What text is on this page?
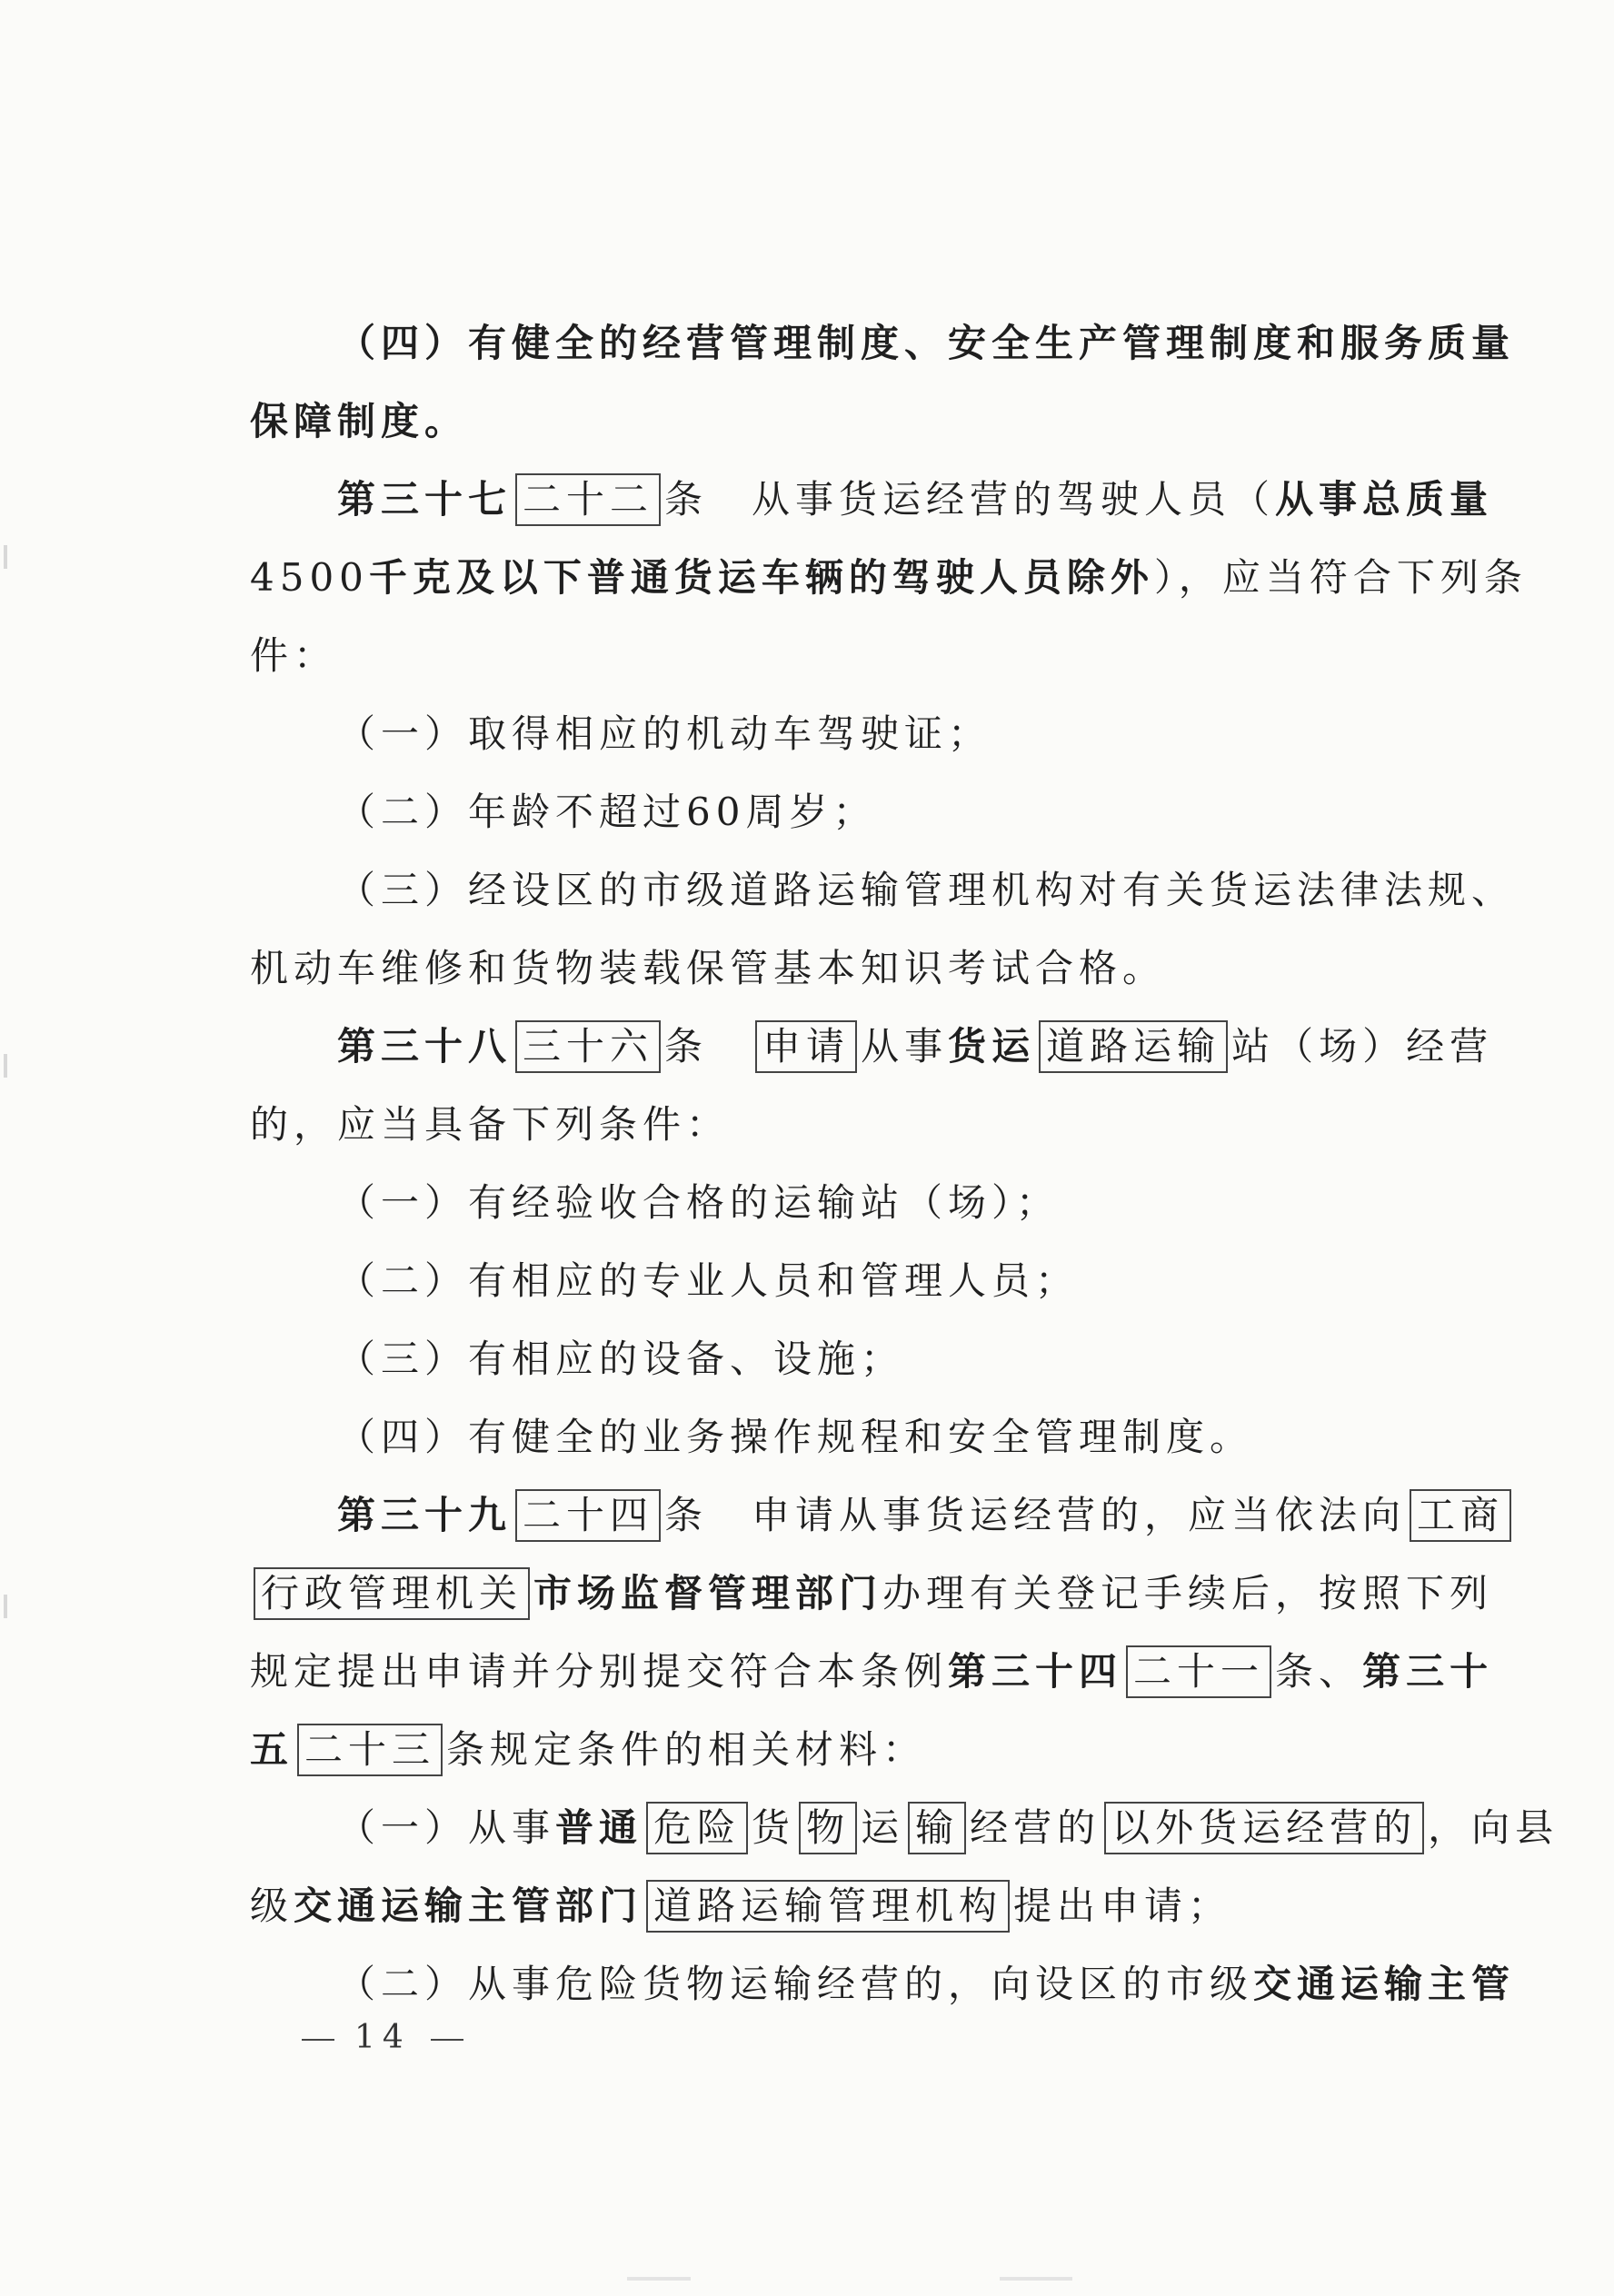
（四）有健全的经营管理制度、安全生产管理制度和服务质量
保障制度。
第三十七 二十二 条　从事货运经营的驾驶人员（从事总质量
4500千克及以下普通货运车辆的驾驶人员除外），应当符合下列条
件：
（一）取得相应的机动车驾驶证；
（二）年龄不超过60周岁；
（三）经设区的市级道路运输管理机构对有关货运法律法规、
机动车维修和货物装载保管基本知识考试合格。
第三十八 三十六 条　申请 从事货运 道路运输 站（场）经营
的，应当具备下列条件：
（一）有经验收合格的运输站（场）；
（二）有相应的专业人员和管理人员；
（三）有相应的设备、设施；
（四）有健全的业务操作规程和安全管理制度。
第三十九 二十四 条　申请从事货运经营的，应当依法向 工商
行政管理机关 市场监督管理部门办理有关登记手续后，按照下列
规定提出申请并分别提交符合本条例第三十四 二十一 条、第三十
五 二十三 条规定条件的相关材料：
（一）从事普通 危险 货 物 运 输 经营的 以外货运经营的 ，向县
级交通运输主管部门 道路运输管理机构 提出申请；
（二）从事危险货物运输经营的，向设区的市级交通运输主管
14
